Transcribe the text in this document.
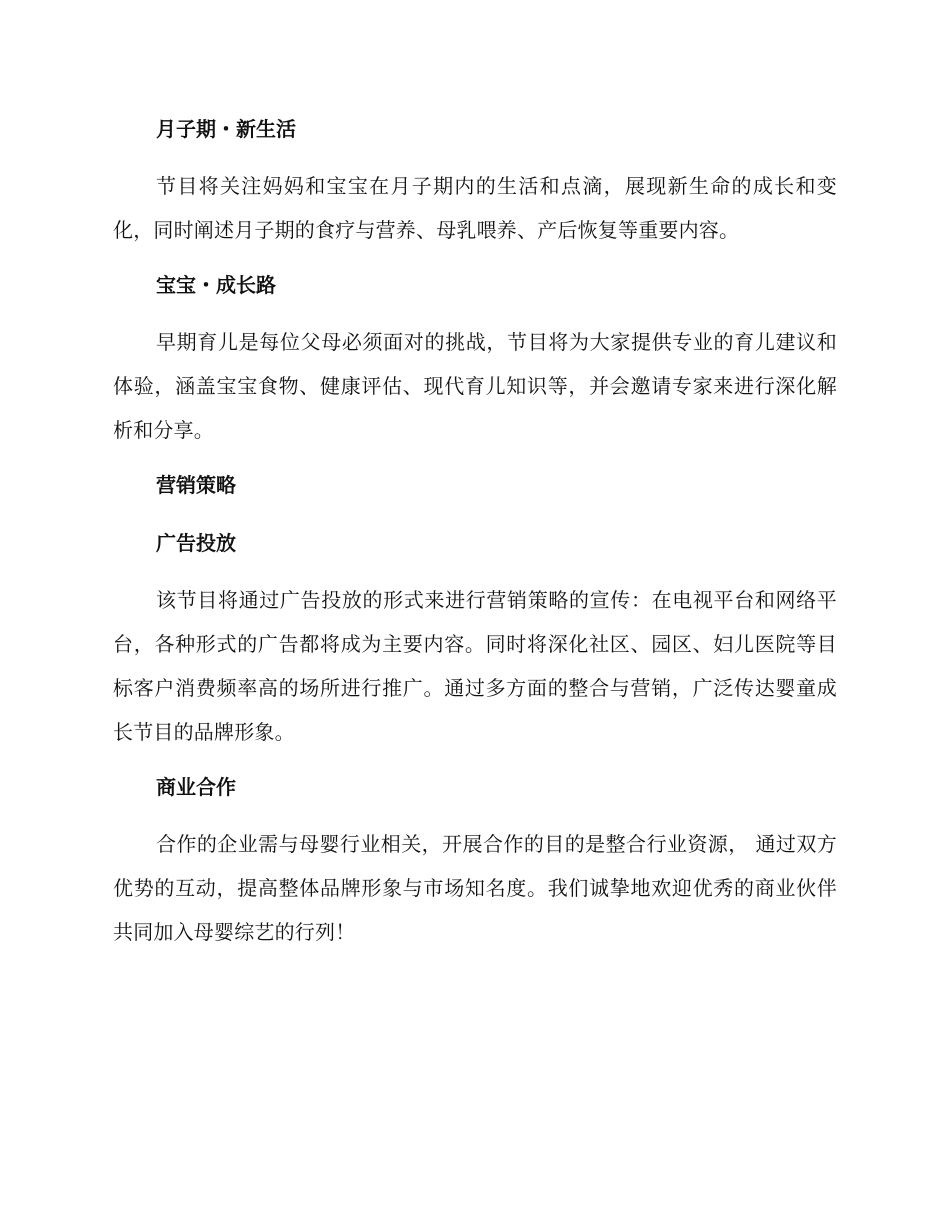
月子期・新生活

节目将关注妈妈和宝宝在月子期内的生活和点滴，展现新生命的成长和变化，同时阐述月子期的食疗与营养、母乳喂养、产后恢复等重要内容。

宝宝・成长路

早期育儿是每位父母必须面对的挑战，节目将为大家提供专业的育儿建议和体验，涵盖宝宝食物、健康评估、现代育儿知识等，并会邀请专家来进行深化解析和分享。

营销策略
广告投放

该节目将通过广告投放的形式来进行营销策略的宣传：在电视平台和网络平台，各种形式的广告都将成为主要内容。同时将深化社区、园区、妇儿医院等目标客户消费频率高的场所进行推广。通过多方面的整合与营销，广泛传达婴童成长节目的品牌形象。

商业合作

合作的企业需与母婴行业相关，开展合作的目的是整合行业资源， 通过双方优势的互动，提高整体品牌形象与市场知名度。我们诚挚地欢迎优秀的商业伙伴共同加入母婴综艺的行列！
